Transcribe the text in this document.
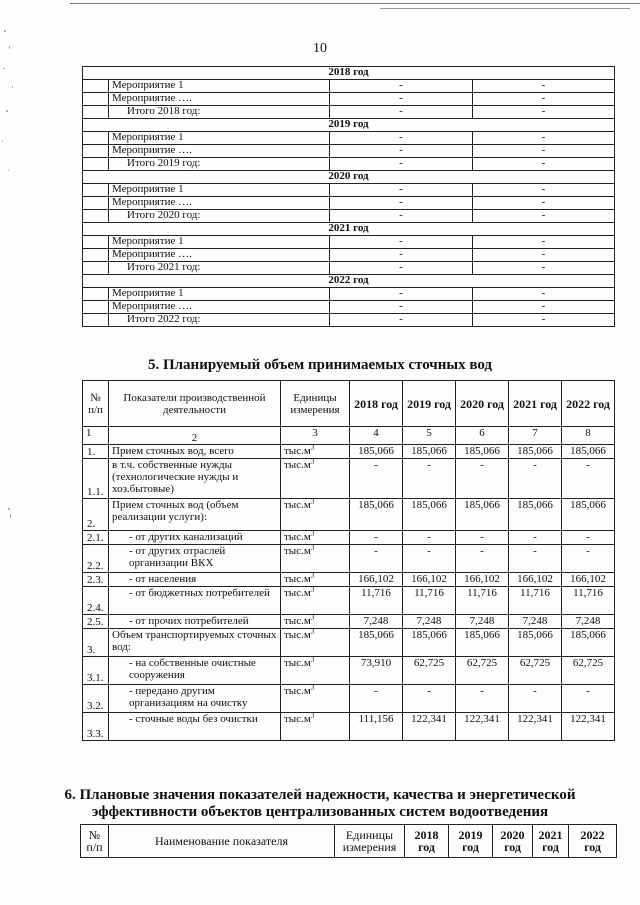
10
2018 год			
	Мероприятие 1	-	-
	Мероприятие ….	-	-
	Итого 2018 год:	-	-
2019 год			
	Мероприятие 1	-	-
	Мероприятие ….	-	-
	Итого 2019 год:	-	-
2020 год			
	Мероприятие 1	-	-
	Мероприятие ….	-	-
	Итого 2020 год:	-	-
2021 год			
	Мероприятие 1	-	-
	Мероприятие ….	-	-
	Итого 2021 год:	-	-
2022 год			
	Мероприятие 1	-	-
	Мероприятие ….	-	-
	Итого 2022 год:	-	-
5. Планируемый объем принимаемых сточных вод
№ п/п	Показатели производственной деятельности	Единицы измерения	2018 год	2019 год	2020 год	2021 год	2022 год
1	2	3	4	5	6	7	8
1.	Прием сточных вод, всего	$тыс.м^3$	185,066	185,066	185,066	185,066	185,066
1.1.	в т.ч. собственные нужды (технологические нужды и хоз.бытовые)	$тыс.м^3$	-	-	-	-	-
2.	Прием сточных вод (объем реализации услуги):	$тыс.м^3$	185,066	185,066	185,066	185,066	185,066
2.1.	- от других канализаций	$тыс.м^3$	-	-	-	-	-
2.2.	- от других отраслей организации ВКХ	$тыс.м^3$	-	-	-	-	-
2.3.	- от населения	$тыс.м^3$	166,102	166,102	166,102	166,102	166,102
2.4.	- от бюджетных потребителей	$тыс.м^3$	11,716	11,716	11,716	11,716	11,716
2.5.	- от прочих потребителей	$тыс.м^3$	7,248	7,248	7,248	7,248	7,248
3.	Объем транспортируемых сточных вод:	$тыс.м^3$	185,066	185,066	185,066	185,066	185,066
3.1.	- на собственные очистные сооружения	$тыс.м^3$	73,910	62,725	62,725	62,725	62,725
3.2.	- передано другим организациям на очистку	$тыс.м^3$	-	-	-	-	-
3.3.	- сточные воды без очистки	$тыс.м^3$	111,156	122,341	122,341	122,341	122,341
6. Плановые значения показателей надежности, качества и энергетической
эффективности объектов централизованных систем водоотведения
№ п/п	Наименование показателя	Единицы измерения	2018 год	2019 год	2020 год	2021 год	2022 год
